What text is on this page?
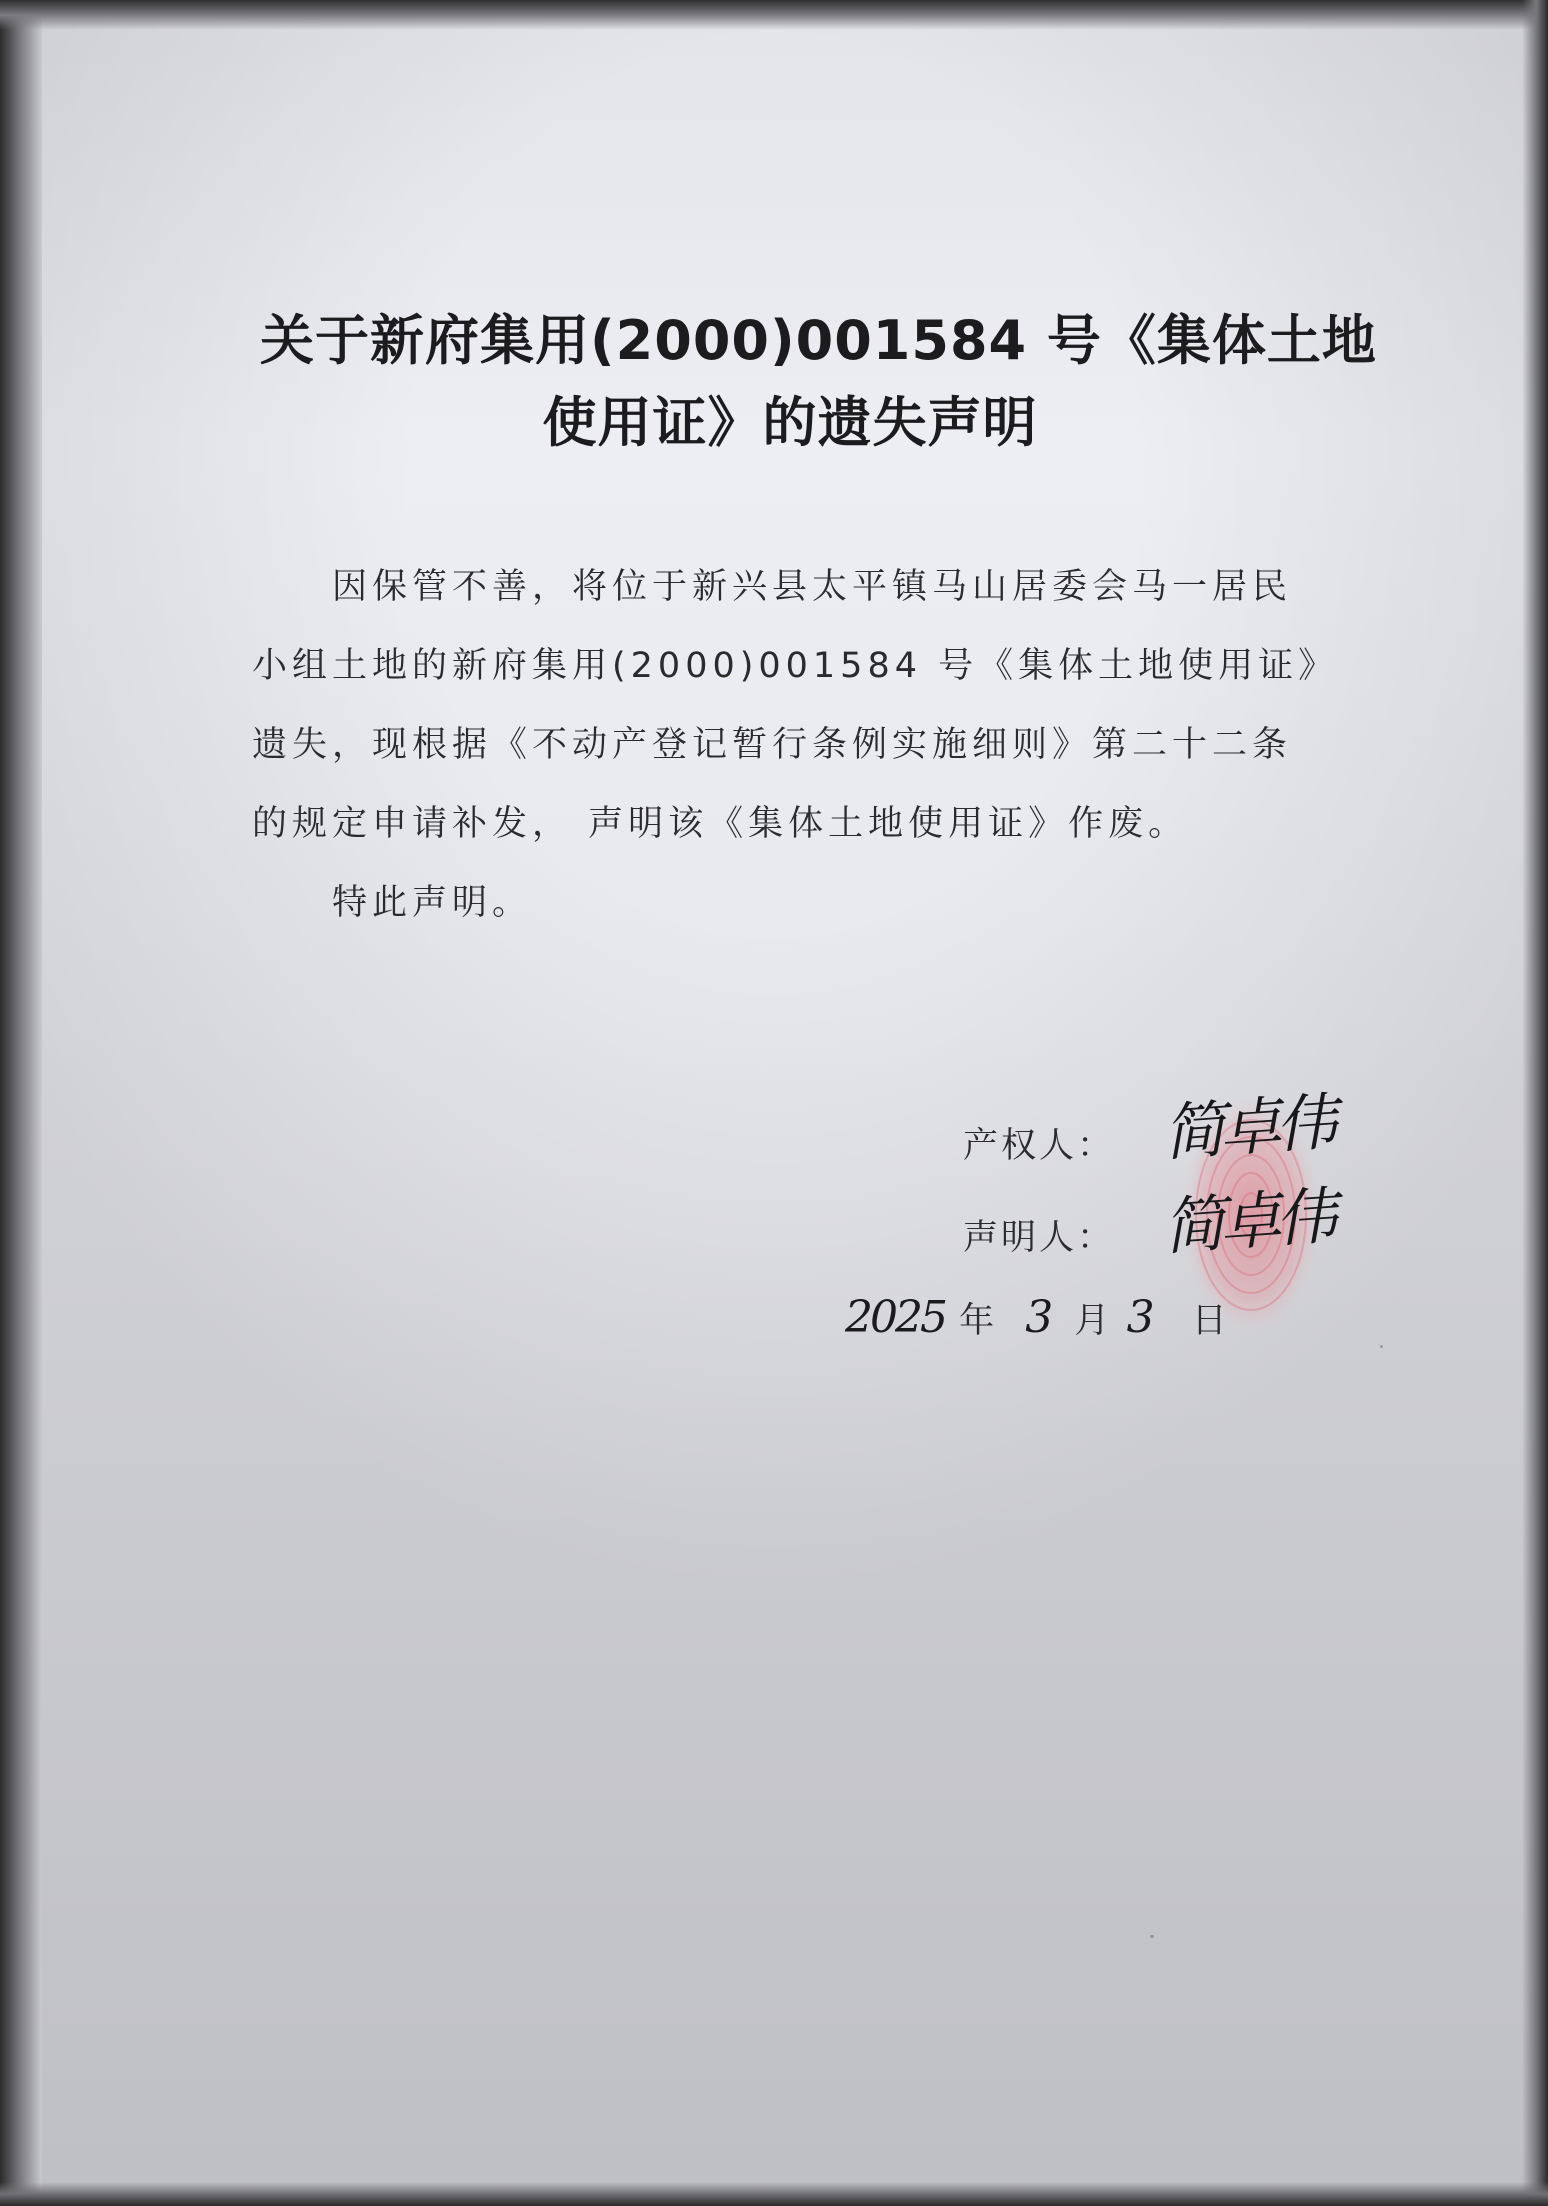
关于新府集用(2000)001584 号《集体土地
使用证》的遗失声明

因保管不善，将位于新兴县太平镇马山居委会马一居民小组土地的新府集用(2000)001584 号《集体土地使用证》遗失，现根据《不动产登记暂行条例实施细则》第二十二条的规定申请补发， 声明该《集体土地使用证》作废。

特此声明。

产权人： 简卓伟
声明人： 简卓伟
2025 年 3 月 3 日
